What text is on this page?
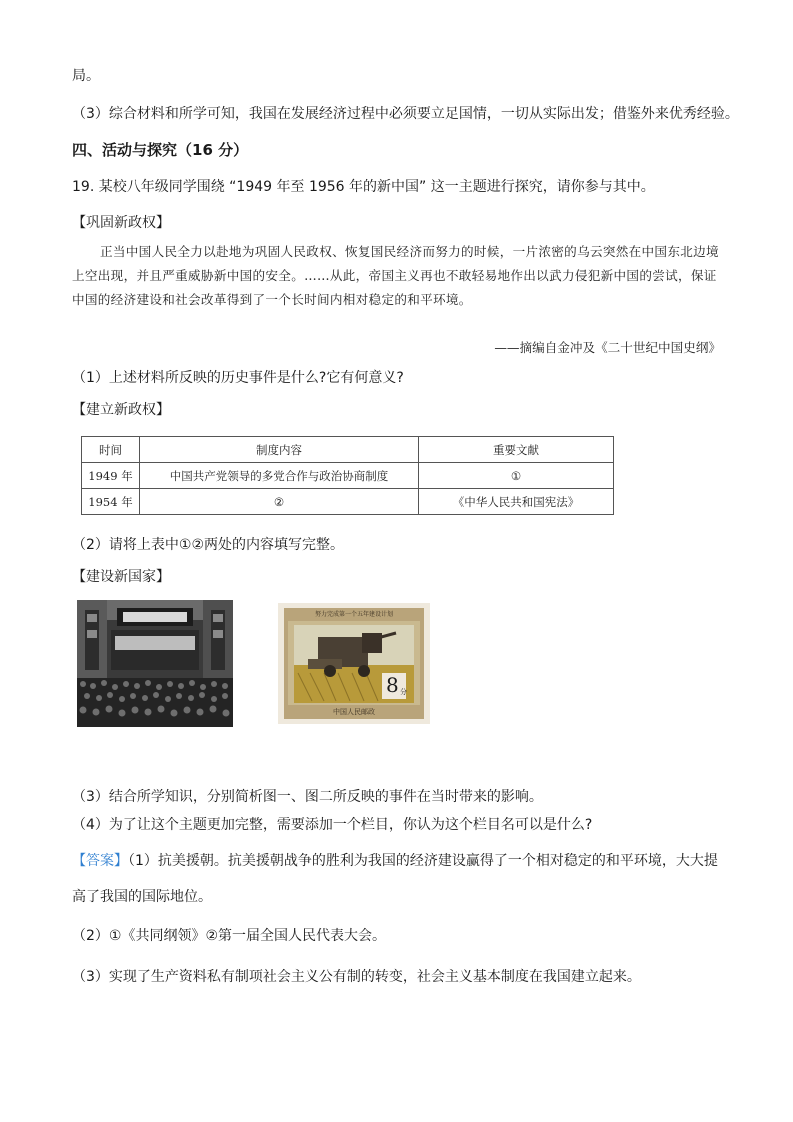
局。
（3）综合材料和所学可知，我国在发展经济过程中必须要立足国情，一切从实际出发；借鉴外来优秀经验。
四、活动与探究（16 分）
19. 某校八年级同学围绕 “1949 年至 1956 年的新中国” 这一主题进行探究，请你参与其中。
【巩固新政权】
正当中国人民全力以赴地为巩固人民政权、恢复国民经济而努力的时候，一片浓密的乌云突然在中国东北边境上空出现，并且严重威胁新中国的安全。……从此，帝国主义再也不敢轻易地作出以武力侵犯新中国的尝试，保证中国的经济建设和社会改革得到了一个长时间内相对稳定的和平环境。
——摘编自金冲及《二十世纪中国史纲》
（1）上述材料所反映的历史事件是什么?它有何意义?
【建立新政权】
时间	制度内容	重要文献
1949 年	中国共产党领导的多党合作与政治协商制度	①
1954 年	②	《中华人民共和国宪法》
（2）请将上表中①②两处的内容填写完整。
【建设新国家】
努力完成第一个五年建设计划
8 分
中国人民邮政
（3）结合所学知识，分别简析图一、图二所反映的事件在当时带来的影响。
（4）为了让这个主题更加完整，需要添加一个栏目，你认为这个栏目名可以是什么?
【答案】（1）抗美援朝。抗美援朝战争的胜利为我国的经济建设赢得了一个相对稳定的和平环境，大大提
高了我国的国际地位。
（2）①《共同纲领》②第一届全国人民代表大会。
（3）实现了生产资料私有制项社会主义公有制的转变，社会主义基本制度在我国建立起来。
